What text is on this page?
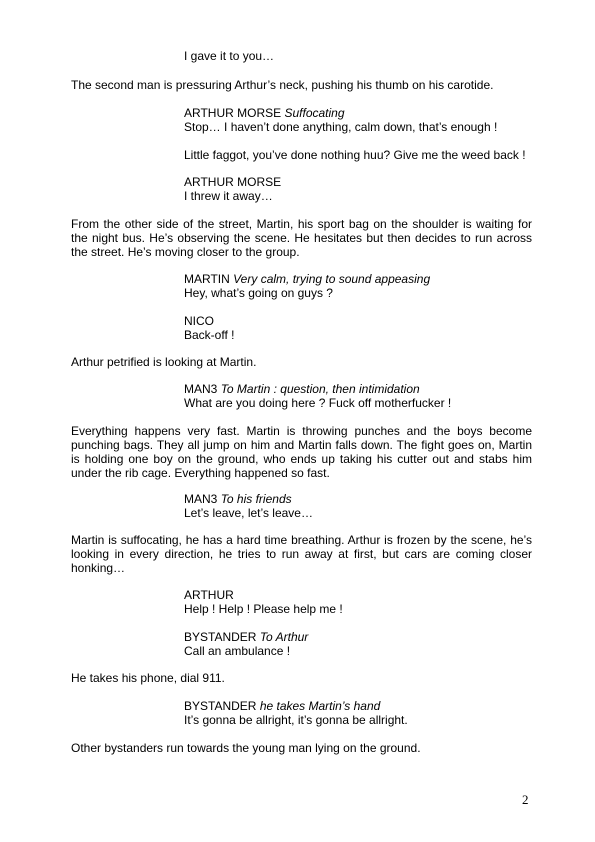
I gave it to you…

The second man is pressuring Arthur’s neck, pushing his thumb on his carotide.

ARTHUR MORSE Suffocating
Stop… I haven’t done anything, calm down, that’s enough !
Little faggot, you’ve done nothing huu? Give me the weed back !
ARTHUR MORSE
I threw it away…

From the other side of the street, Martin, his sport bag on the shoulder is waiting for the night bus. He’s observing the scene. He hesitates but then decides to run across the street. He’s moving closer to the group.

MARTIN Very calm, trying to sound appeasing
Hey, what’s going on guys ?
NICO
Back-off !

Arthur petrified is looking at Martin.

MAN3 To Martin : question, then intimidation
What are you doing here ? Fuck off motherfucker !

Everything happens very fast. Martin is throwing punches and the boys become punching bags. They all jump on him and Martin falls down. The fight goes on, Martin is holding one boy on the ground, who ends up taking his cutter out and stabs him under the rib cage. Everything happened so fast.

MAN3 To his friends
Let’s leave, let’s leave…

Martin is suffocating, he has a hard time breathing. Arthur is frozen by the scene, he’s looking in every direction, he tries to run away at first, but cars are coming closer honking…

ARTHUR
Help ! Help ! Please help me !
BYSTANDER To Arthur
Call an ambulance !

He takes his phone, dial 911.

BYSTANDER he takes Martin’s hand
It’s gonna be allright, it’s gonna be allright.

Other bystanders run towards the young man lying on the ground.

2
